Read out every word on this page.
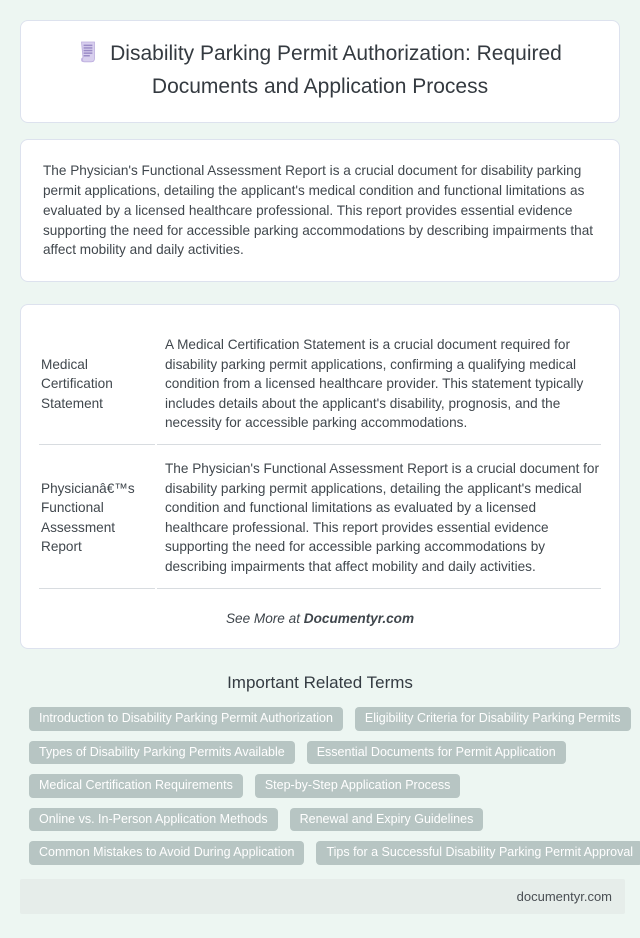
Disability Parking Permit Authorization: Required Documents and Application Process
The Physician's Functional Assessment Report is a crucial document for disability parking permit applications, detailing the applicant's medical condition and functional limitations as evaluated by a licensed healthcare professional. This report provides essential evidence supporting the need for accessible parking accommodations by describing impairments that affect mobility and daily activities.
Medical Certification Statement	A Medical Certification Statement is a crucial document required for disability parking permit applications, confirming a qualifying medical condition from a licensed healthcare provider. This statement typically includes details about the applicant's disability, prognosis, and the necessity for accessible parking accommodations.
Physicianâ€™s Functional Assessment Report	The Physician's Functional Assessment Report is a crucial document for disability parking permit applications, detailing the applicant's medical condition and functional limitations as evaluated by a licensed healthcare professional. This report provides essential evidence supporting the need for accessible parking accommodations by describing impairments that affect mobility and daily activities.
See More at Documentyr.com
Important Related Terms
Introduction to Disability Parking Permit Authorization	Eligibility Criteria for Disability Parking Permits
Types of Disability Parking Permits Available	Essential Documents for Permit Application
Medical Certification Requirements	Step-by-Step Application Process
Online vs. In-Person Application Methods	Renewal and Expiry Guidelines
Common Mistakes to Avoid During Application	Tips for a Successful Disability Parking Permit Approval
documentyr.com
